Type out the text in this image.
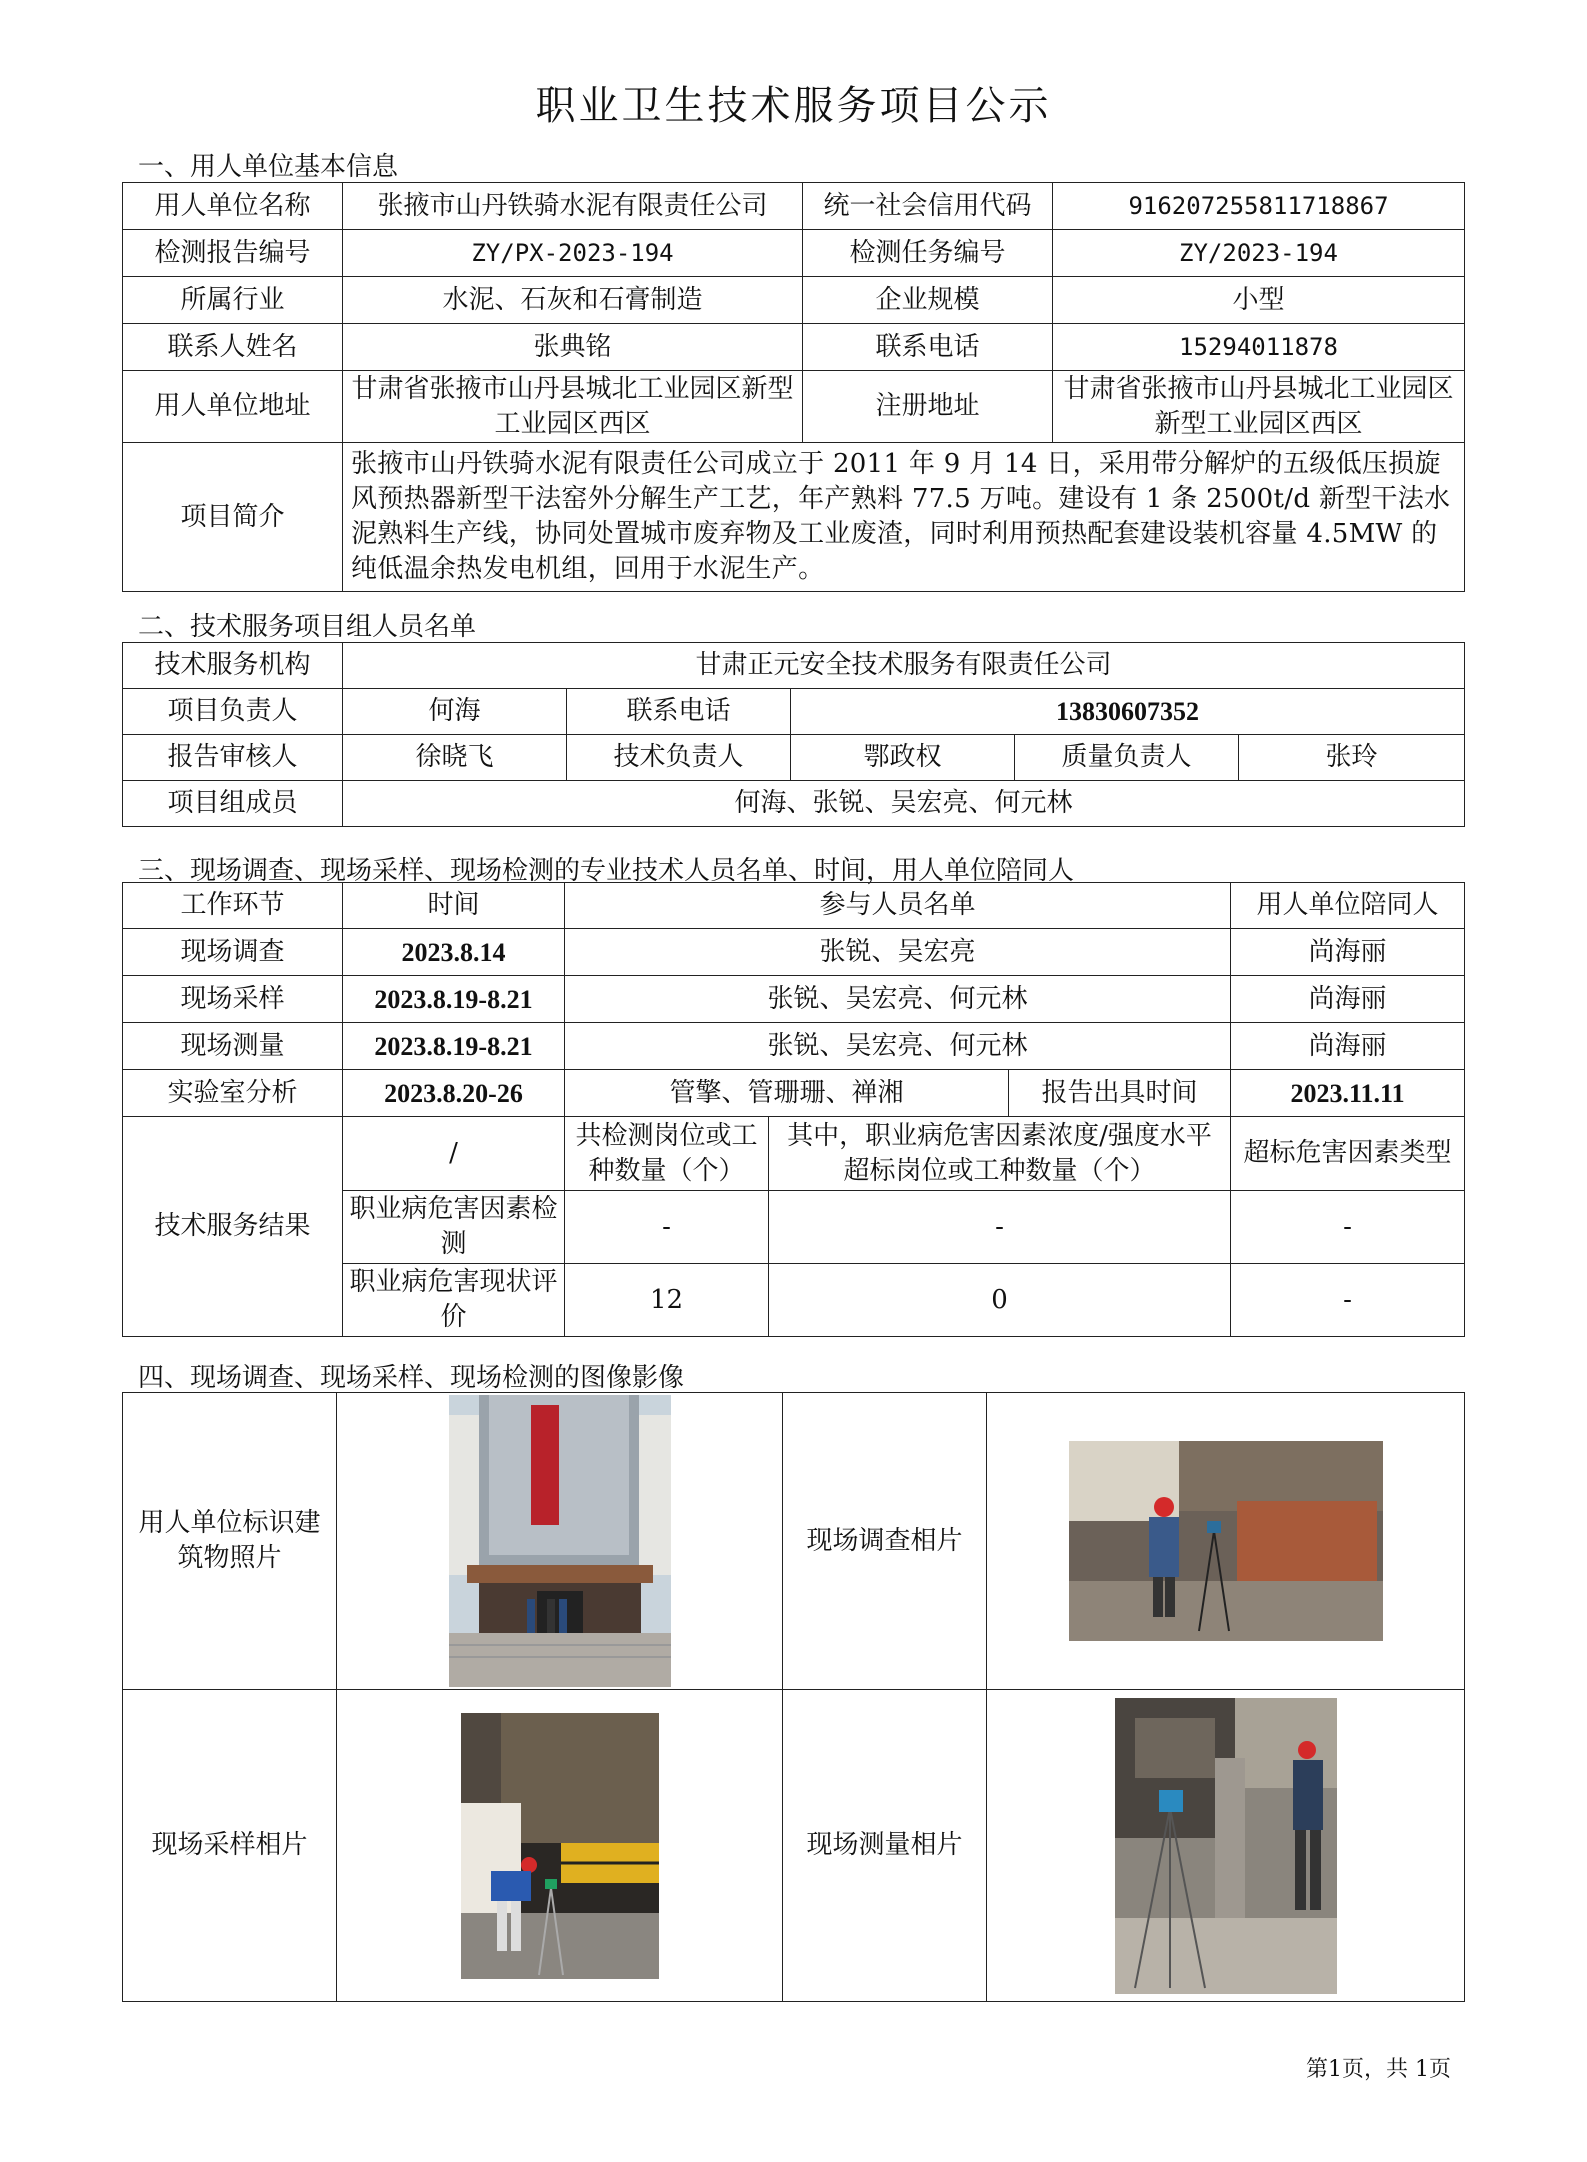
职业卫生技术服务项目公示
一、用人单位基本信息
用人单位名称	张掖市山丹铁骑水泥有限责任公司	统一社会信用代码	916207255811718867
检测报告编号	ZY/PX-2023-194	检测任务编号	ZY/2023-194
所属行业	水泥、石灰和石膏制造	企业规模	小型
联系人姓名	张典铭	联系电话	15294011878
用人单位地址	甘肃省张掖市山丹县城北工业园区新型工业园区西区	注册地址	甘肃省张掖市山丹县城北工业园区新型工业园区西区
项目简介	张掖市山丹铁骑水泥有限责任公司成立于 2011 年 9 月 14 日，采用带分解炉的五级低压损旋风预热器新型干法窑外分解生产工艺，年产熟料 77.5 万吨。建设有 1 条 2500t/d 新型干法水泥熟料生产线，协同处置城市废弃物及工业废渣，同时利用预热配套建设装机容量 4.5MW 的纯低温余热发电机组，回用于水泥生产。		
二、技术服务项目组人员名单
技术服务机构	甘肃正元安全技术服务有限责任公司				
项目负责人	何海	联系电话	13830607352		
报告审核人	徐晓飞	技术负责人	鄂政权	质量负责人	张玲
项目组成员	何海、张锐、吴宏亮、何元林				
三、现场调查、现场采样、现场检测的专业技术人员名单、时间，用人单位陪同人
工作环节	时间	参与人员名单			用人单位陪同人
现场调查	2023.8.14	张锐、吴宏亮			尚海丽
现场采样	2023.8.19-8.21	张锐、吴宏亮、何元林			尚海丽
现场测量	2023.8.19-8.21	张锐、吴宏亮、何元林			尚海丽
实验室分析	2023.8.20-26	管擎、管珊珊、禅湘		报告出具时间	2023.11.11
技术服务结果	/	共检测岗位或工种数量（个）	其中，职业病危害因素浓度/强度水平超标岗位或工种数量（个）		超标危害因素类型
	职业病危害因素检测	-	-		-
	职业病危害现状评价	12	0		-
四、现场调查、现场采样、现场检测的图像影像
用人单位标识建筑物照片		现场调查相片	

现场采样相片		现场测量相片	
第1页，共 1页
